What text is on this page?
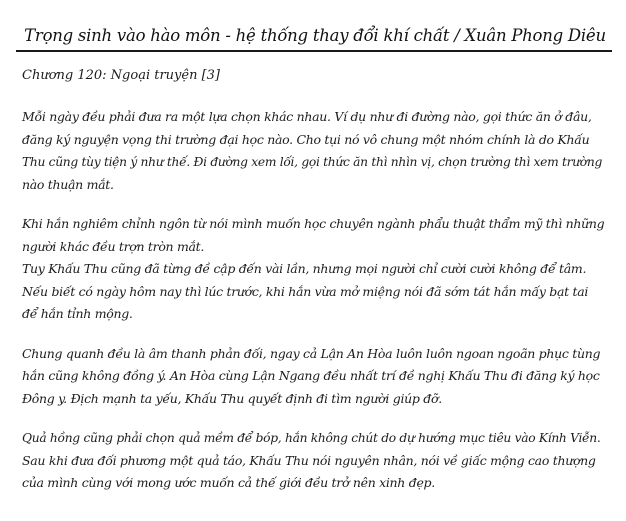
Trọng sinh vào hào môn - hệ thống thay đổi khí chất / Xuân Phong Diêu
Chương 120: Ngoại truyện [3]

Mỗi ngày đều phải đưa ra một lựa chọn khác nhau. Ví dụ như đi đường nào, gọi thức ăn ở đâu,
đăng ký nguyện vọng thi trường đại học nào. Cho tụi nó vô chung một nhóm chính là do Khấu
Thu cũng tùy tiện ý như thế. Đi đường xem lối, gọi thức ăn thì nhìn vị, chọn trường thì xem trường
nào thuận mắt.

Khi hắn nghiêm chỉnh ngôn từ nói mình muốn học chuyên ngành phẩu thuật thẩm mỹ thì những
người khác đều trợn tròn mắt.
Tuy Khấu Thu cũng đã từng đề cập đến vài lần, nhưng mọi người chỉ cười cười không để tâm.
Nếu biết có ngày hôm nay thì lúc trước, khi hắn vừa mở miệng nói đã sớm tát hắn mấy bạt tai
để hắn tỉnh mộng.

Chung quanh đều là âm thanh phản đối, ngay cả Lận An Hòa luôn luôn ngoan ngoãn phục tùng
hắn cũng không đồng ý. An Hòa cùng Lận Ngang đều nhất trí đề nghị Khấu Thu đi đăng ký học
Đông y. Địch mạnh ta yếu, Khấu Thu quyết định đi tìm người giúp đỡ.

Quả hồng cũng phải chọn quả mềm để bóp, hắn không chút do dự hướng mục tiêu vào Kính Viễn.
Sau khi đưa đối phương một quả táo, Khấu Thu nói nguyên nhân, nói về giấc mộng cao thượng
của mình cùng với mong ước muốn cả thế giới đều trở nên xinh đẹp.
